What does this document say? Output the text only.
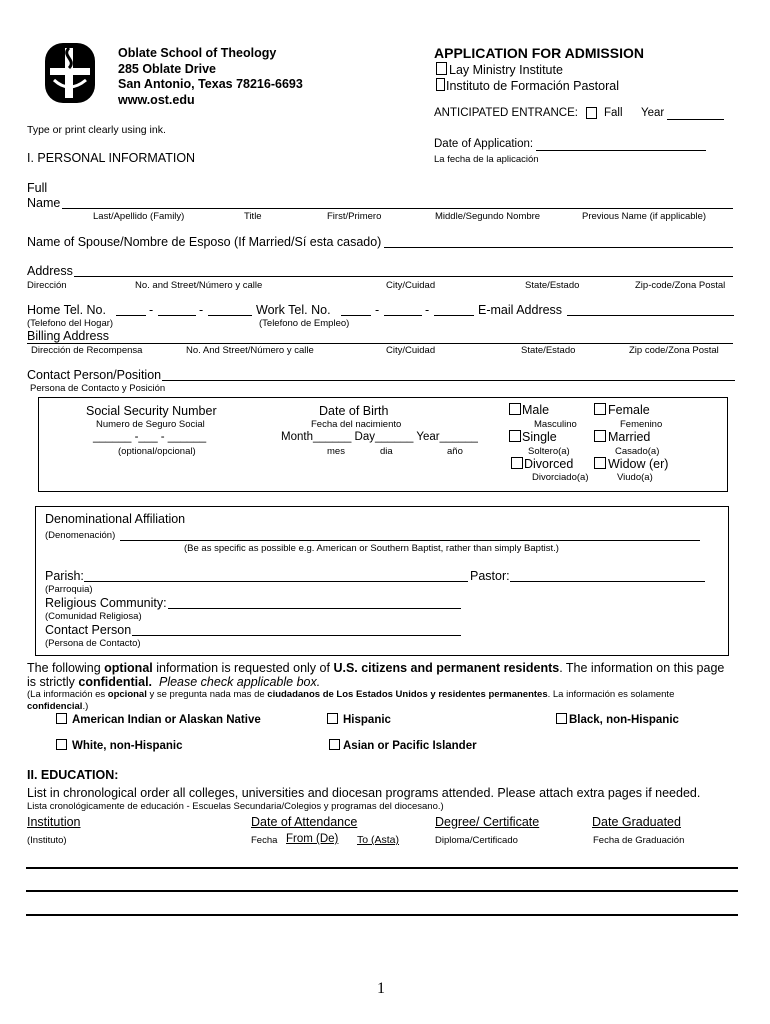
Oblate School of Theology
285 Oblate Drive
San Antonio, Texas 78216-6693
www.ost.edu
APPLICATION FOR ADMISSION
Lay Ministry Institute
Instituto de Formación Pastoral
ANTICIPATED ENTRANCE: Fall Year
Type or print clearly using ink.
Date of Application:
La fecha de la aplicación
I. PERSONAL INFORMATION
Full
Name
Last/Apellido (Family)	Title	First/Primero	Middle/Segundo Nombre	Previous Name (if applicable)
Name of Spouse/Nombre de Esposo (If Married/Sí esta casado)
Address
Dirección	No. and Street/Número y calle	City/Cuidad	State/Estado	Zip-code/Zona Postal
Home Tel. No.	-	-	Work Tel. No.	-	-	E-mail Address
(Telefono del Hogar)	(Telefono de Empleo)
Billing Address
Dirección de Recompensa	No. And Street/Número y calle	City/Cuidad	State/Estado	Zip code/Zona Postal
Contact Person/Position
Persona de Contacto y Posición
Social Security Number
Numero de Seguro Social
______ -___ - ______
(optional/opcional)
Date of Birth
Fecha del nacimiento
Month______ Day______ Year______
mes	dia	año
Male
Masculino
Female
Femenino
Single
Soltero(a)
Married
Casado(a)
Divorced
Divorciado(a)
Widow (er)
Viudo(a)
Denominational Affiliation
(Denomenación)
(Be as specific as possible e.g. American or Southern Baptist, rather than simply Baptist.)
Parish:	Pastor:
(Parroquia)
Religious Community:
(Comunidad Religiosa)
Contact Person
(Persona de Contacto)
The following optional information is requested only of U.S. citizens and permanent residents. The information on this page
is strictly confidential. Please check applicable box.
(La información es opcional y se pregunta nada mas de ciudadanos de Los Estados Unidos y residentes permanentes. La información es solamente
confidencial.)
American Indian or Alaskan Native	Hispanic	Black, non-Hispanic
White, non-Hispanic	Asian or Pacific Islander
II. EDUCATION:
List in chronological order all colleges, universities and diocesan programs attended. Please attach extra pages if needed.
Lista cronológicamente de educación - Escuelas Secundaria/Colegios y programas del diocesano.)
Institution	Date of Attendance	Degree/ Certificate	Date Graduated
(Instituto)	Fecha From (De) To (Asta)	Diploma/Certificado	Fecha de Graduación
1
